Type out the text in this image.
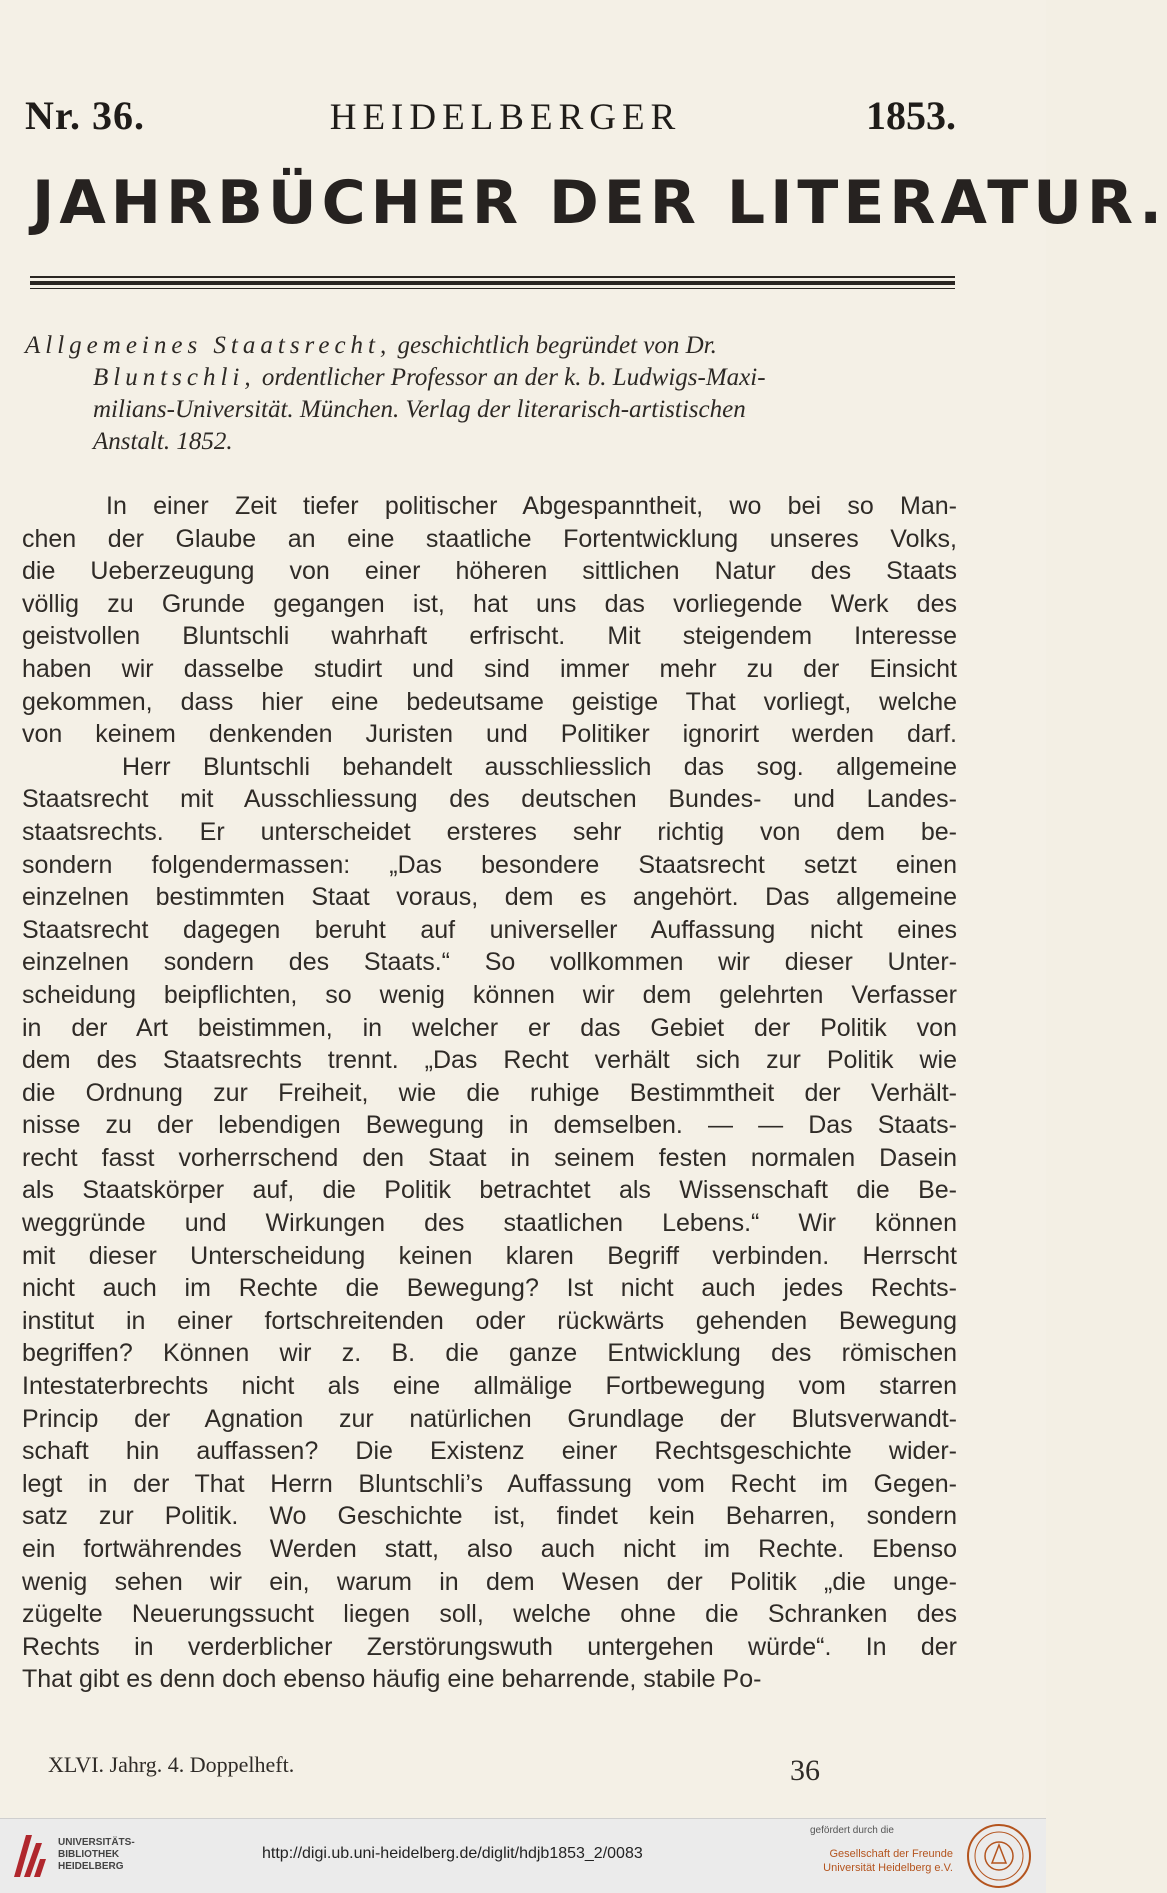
Nr. 36.	HEIDELBERGER	1853.
JAHRBÜCHER DER LITERATUR.
Allgemeines Staatsrecht, geschichtlich begründet von Dr.
Bluntschli, ordentlicher Professor an der k. b. Ludwigs-Maxi-
milians-Universität. München. Verlag der literarisch-artistischen
Anstalt. 1852.
In einer Zeit tiefer politischer Abgespanntheit, wo bei so Man-
chen der Glaube an eine staatliche Fortentwicklung unseres Volks,
die Ueberzeugung von einer höheren sittlichen Natur des Staats
völlig zu Grunde gegangen ist, hat uns das vorliegende Werk des
geistvollen Bluntschli wahrhaft erfrischt. Mit steigendem Interesse
haben wir dasselbe studirt und sind immer mehr zu der Einsicht
gekommen, dass hier eine bedeutsame geistige That vorliegt, welche
von keinem denkenden Juristen und Politiker ignorirt werden darf.
Herr Bluntschli behandelt ausschliesslich das sog. allgemeine
Staatsrecht mit Ausschliessung des deutschen Bundes- und Landes-
staatsrechts. Er unterscheidet ersteres sehr richtig von dem be-
sondern folgendermassen: „Das besondere Staatsrecht setzt einen
einzelnen bestimmten Staat voraus, dem es angehört. Das allgemeine
Staatsrecht dagegen beruht auf universeller Auffassung nicht eines
einzelnen sondern des Staats.“ So vollkommen wir dieser Unter-
scheidung beipflichten, so wenig können wir dem gelehrten Verfasser
in der Art beistimmen, in welcher er das Gebiet der Politik von
dem des Staatsrechts trennt. „Das Recht verhält sich zur Politik wie
die Ordnung zur Freiheit, wie die ruhige Bestimmtheit der Verhält-
nisse zu der lebendigen Bewegung in demselben. — — Das Staats-
recht fasst vorherrschend den Staat in seinem festen normalen Dasein
als Staatskörper auf, die Politik betrachtet als Wissenschaft die Be-
weggründe und Wirkungen des staatlichen Lebens.“ Wir können
mit dieser Unterscheidung keinen klaren Begriff verbinden. Herrscht
nicht auch im Rechte die Bewegung? Ist nicht auch jedes Rechts-
institut in einer fortschreitenden oder rückwärts gehenden Bewegung
begriffen? Können wir z. B. die ganze Entwicklung des römischen
Intestaterbrechts nicht als eine allmälige Fortbewegung vom starren
Princip der Agnation zur natürlichen Grundlage der Blutsverwandt-
schaft hin auffassen? Die Existenz einer Rechtsgeschichte wider-
legt in der That Herrn Bluntschli’s Auffassung vom Recht im Gegen-
satz zur Politik. Wo Geschichte ist, findet kein Beharren, sondern
ein fortwährendes Werden statt, also auch nicht im Rechte. Ebenso
wenig sehen wir ein, warum in dem Wesen der Politik „die unge-
zügelte Neuerungssucht liegen soll, welche ohne die Schranken des
Rechts in verderblicher Zerstörungswuth untergehen würde“. In der
That gibt es denn doch ebenso häufig eine beharrende, stabile Po-
XLVI. Jahrg. 4. Doppelheft.	36
UNIVERSITÄTS-
BIBLIOTHEK
HEIDELBERG
http://digi.ub.uni-heidelberg.de/diglit/hdjb1853_2/0083
gefördert durch die
Gesellschaft der Freunde
Universität Heidelberg e.V.
